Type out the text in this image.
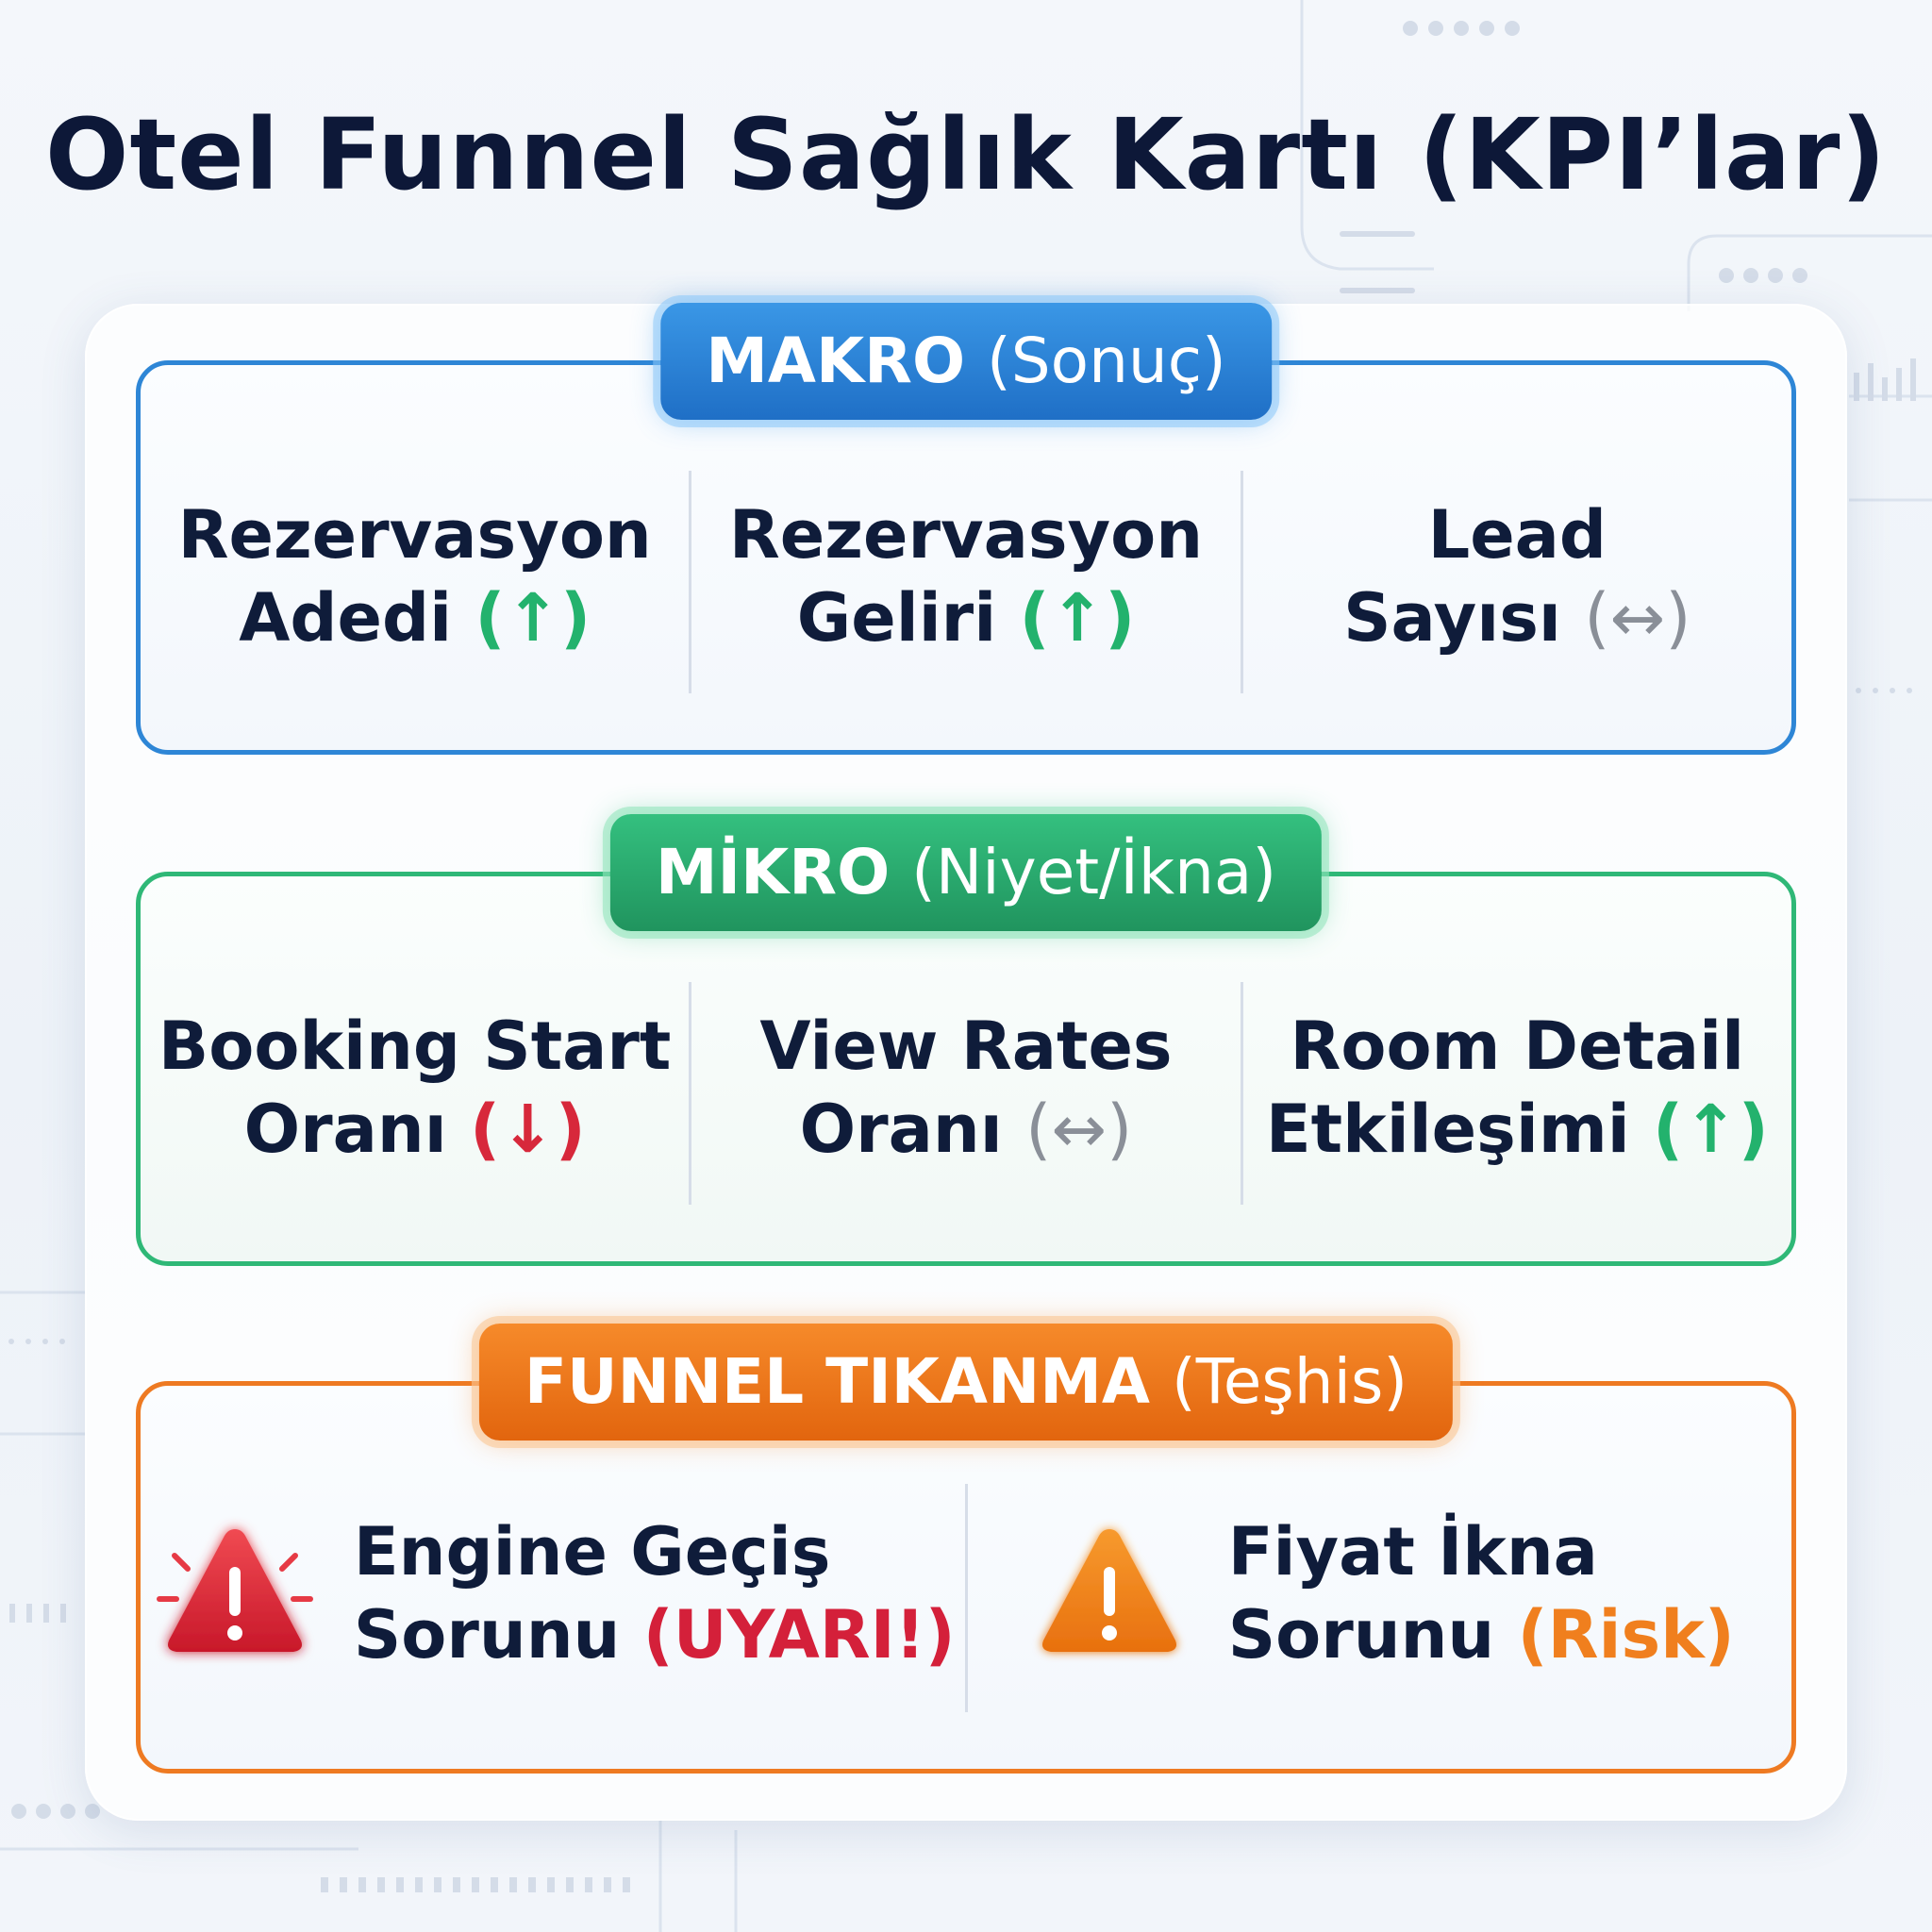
Otel Funnel Sağlık Kartı (KPI’lar)
MAKRO (Sonuç)
Rezervasyon
Adedi (↑)
Rezervasyon
Geliri (↑)
Lead
Sayısı (↔)
MİKRO (Niyet/İkna)
Booking Start
Oranı (↓)
View Rates
Oranı (↔)
Room Detail
Etkileşimi (↑)
FUNNEL TIKANMA (Teşhis)
Engine Geçiş
Sorunu (UYARI!)
Fiyat İkna
Sorunu (Risk)
